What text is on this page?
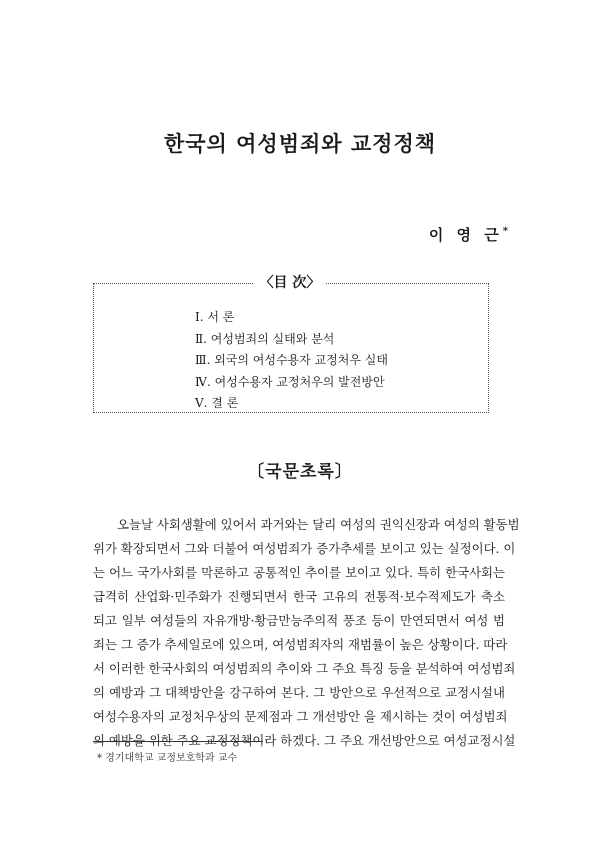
한국의 여성범죄와 교정정책
이 영 근*
〈目 次〉
Ⅰ. 서 론
Ⅱ. 여성범죄의 실태와 분석
Ⅲ. 외국의 여성수용자 교정처우 실태
Ⅳ. 여성수용자 교정처우의 발전방안
Ⅴ. 결 론
〔국문초록〕
오늘날 사회생활에 있어서 과거와는 달리 여성의 권익신장과 여성의 활동범
위가 확장되면서 그와 더불어 여성범죄가 증가추세를 보이고 있는 실정이다. 이
는 어느 국가사회를 막론하고 공통적인 추이를 보이고 있다. 특히 한국사회는
급격히 산업화·민주화가 진행되면서 한국 고유의 전통적·보수적제도가 축소
되고 일부 여성들의 자유개방·황금만능주의적 풍조 등이 만연되면서 여성 범
죄는 그 증가 추세일로에 있으며, 여성범죄자의 재범률이 높은 상황이다. 따라
서 이러한 한국사회의 여성범죄의 추이와 그 주요 특징 등을 분석하여 여성범죄
의 예방과 그 대책방안을 강구하여 본다. 그 방안으로 우선적으로 교정시설내
여성수용자의 교정처우상의 문제점과 그 개선방안 을 제시하는 것이 여성범죄
의 예방을 위한 주요 교정정책이라 하겠다. 그 주요 개선방안으로 여성교정시설
* 경기대학교 교정보호학과 교수
